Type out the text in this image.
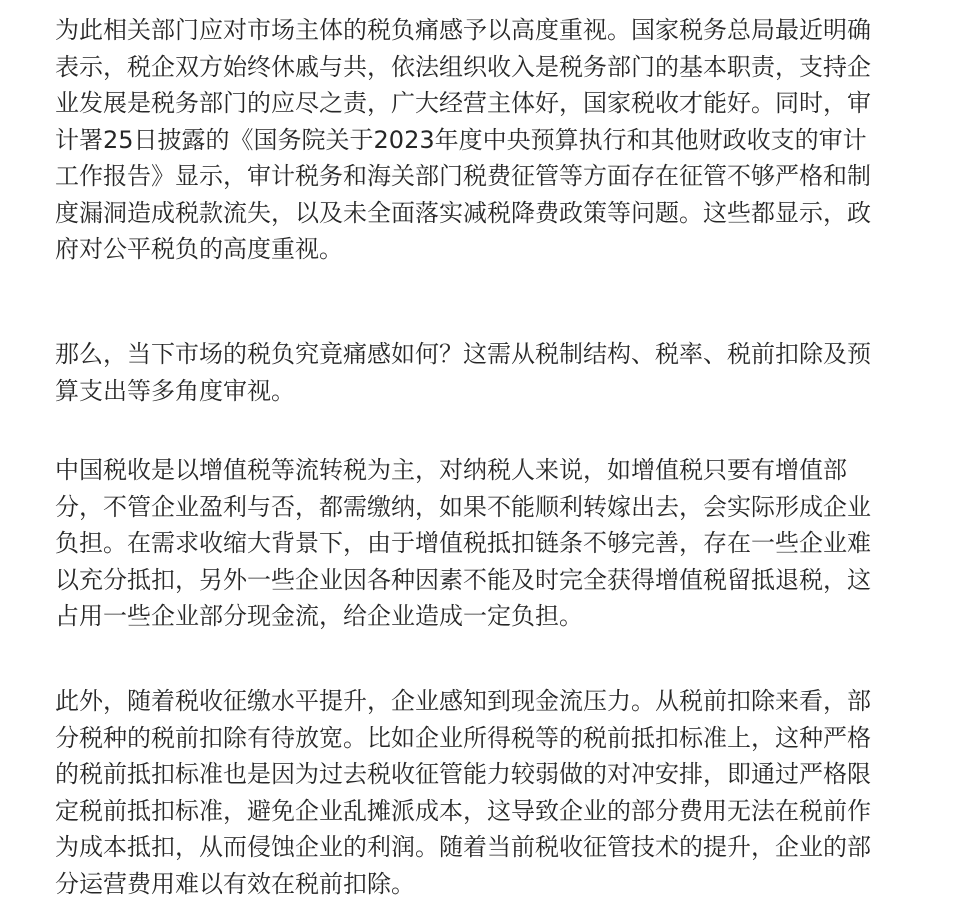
为此相关部门应对市场主体的税负痛感予以高度重视。国家税务总局最近明确
表示，税企双方始终休戚与共，依法组织收入是税务部门的基本职责，支持企
业发展是税务部门的应尽之责，广大经营主体好，国家税收才能好。同时，审
计署25日披露的《国务院关于2023年度中央预算执行和其他财政收支的审计
工作报告》显示，审计税务和海关部门税费征管等方面存在征管不够严格和制
度漏洞造成税款流失，以及未全面落实减税降费政策等问题。这些都显示，政
府对公平税负的高度重视。
那么，当下市场的税负究竟痛感如何？这需从税制结构、税率、税前扣除及预
算支出等多角度审视。
中国税收是以增值税等流转税为主，对纳税人来说，如增值税只要有增值部
分，不管企业盈利与否，都需缴纳，如果不能顺利转嫁出去，会实际形成企业
负担。在需求收缩大背景下，由于增值税抵扣链条不够完善，存在一些企业难
以充分抵扣，另外一些企业因各种因素不能及时完全获得增值税留抵退税，这
占用一些企业部分现金流，给企业造成一定负担。
此外，随着税收征缴水平提升，企业感知到现金流压力。从税前扣除来看，部
分税种的税前扣除有待放宽。比如企业所得税等的税前抵扣标准上，这种严格
的税前抵扣标准也是因为过去税收征管能力较弱做的对冲安排，即通过严格限
定税前抵扣标准，避免企业乱摊派成本，这导致企业的部分费用无法在税前作
为成本抵扣，从而侵蚀企业的利润。随着当前税收征管技术的提升，企业的部
分运营费用难以有效在税前扣除。
